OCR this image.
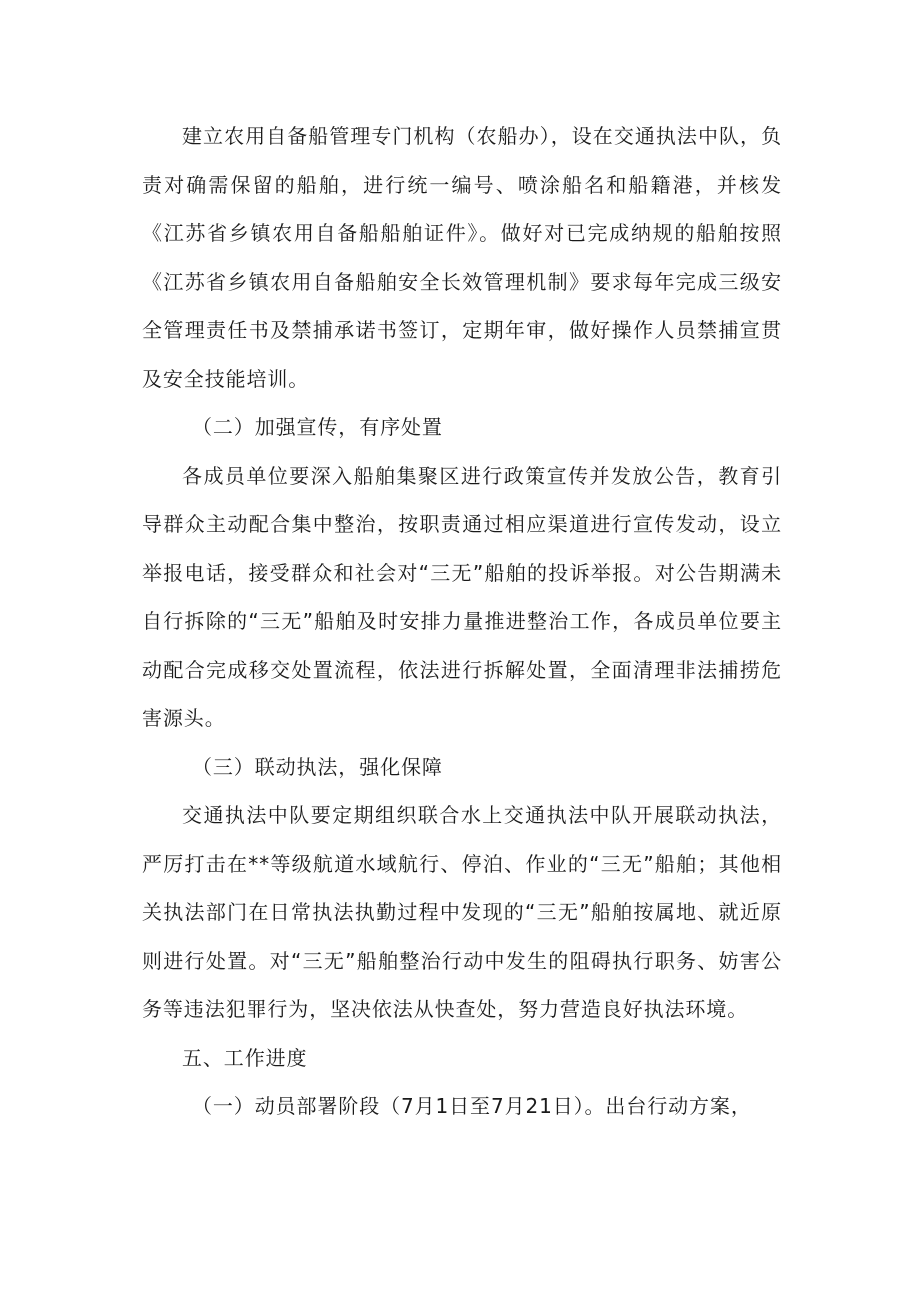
建立农用自备船管理专门机构（农船办），设在交通执法中队，负责对确需保留的船舶，进行统一编号、喷涂船名和船籍港，并核发《江苏省乡镇农用自备船船舶证件》。做好对已完成纳规的船舶按照《江苏省乡镇农用自备船舶安全长效管理机制》要求每年完成三级安全管理责任书及禁捕承诺书签订，定期年审，做好操作人员禁捕宣贯及安全技能培训。

（二）加强宣传，有序处置

各成员单位要深入船舶集聚区进行政策宣传并发放公告，教育引导群众主动配合集中整治，按职责通过相应渠道进行宣传发动，设立举报电话，接受群众和社会对“三无”船舶的投诉举报。对公告期满未自行拆除的“三无”船舶及时安排力量推进整治工作，各成员单位要主动配合完成移交处置流程，依法进行拆解处置，全面清理非法捕捞危害源头。

（三）联动执法，强化保障

交通执法中队要定期组织联合水上交通执法中队开展联动执法，严厉打击在**等级航道水域航行、停泊、作业的“三无”船舶；其他相关执法部门在日常执法执勤过程中发现的“三无”船舶按属地、就近原则进行处置。对“三无”船舶整治行动中发生的阻碍执行职务、妨害公务等违法犯罪行为，坚决依法从快查处，努力营造良好执法环境。

五、工作进度

（一）动员部署阶段（7月1日至7月21日）。出台行动方案，
